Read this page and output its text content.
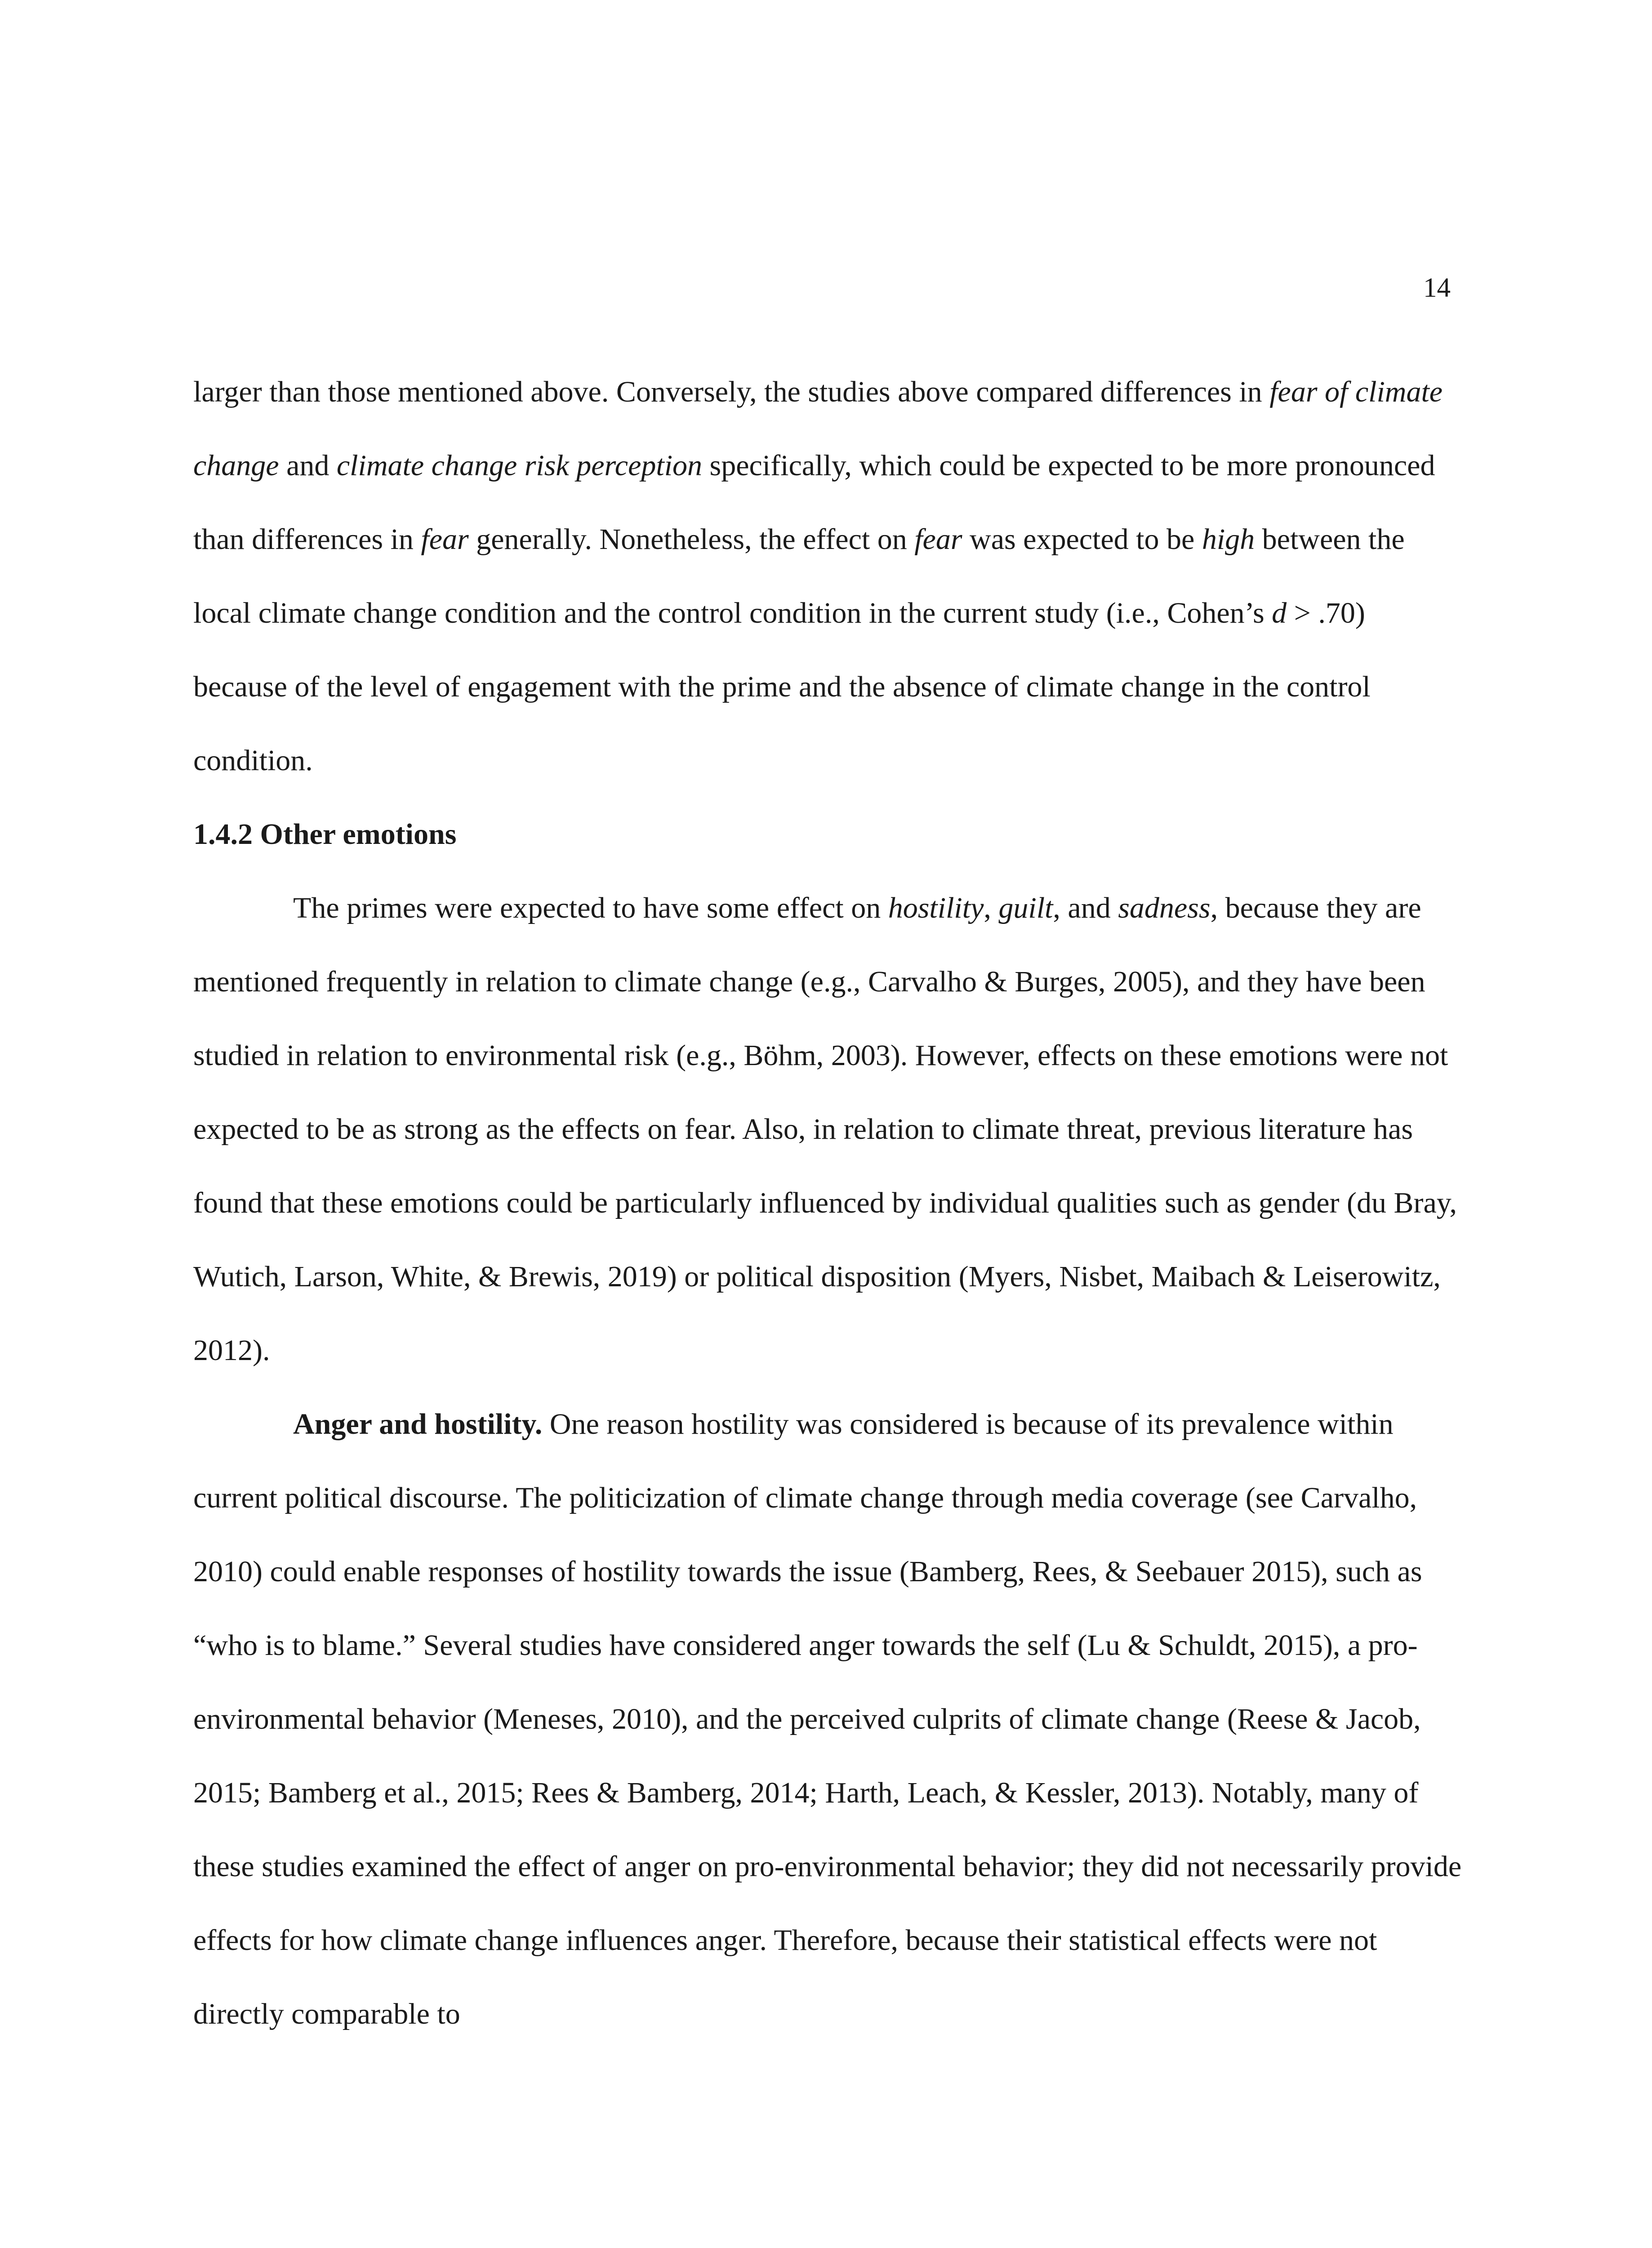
14

larger than those mentioned above. Conversely, the studies above compared differences in fear of climate change and climate change risk perception specifically, which could be expected to be more pronounced than differences in fear generally. Nonetheless, the effect on fear was expected to be high between the local climate change condition and the control condition in the current study (i.e., Cohen’s d > .70) because of the level of engagement with the prime and the absence of climate change in the control condition.

1.4.2 Other emotions

The primes were expected to have some effect on hostility, guilt, and sadness, because they are mentioned frequently in relation to climate change (e.g., Carvalho & Burges, 2005), and they have been studied in relation to environmental risk (e.g., Böhm, 2003). However, effects on these emotions were not expected to be as strong as the effects on fear. Also, in relation to climate threat, previous literature has found that these emotions could be particularly influenced by individual qualities such as gender (du Bray, Wutich, Larson, White, & Brewis, 2019) or political disposition (Myers, Nisbet, Maibach & Leiserowitz, 2012).

Anger and hostility. One reason hostility was considered is because of its prevalence within current political discourse. The politicization of climate change through media coverage (see Carvalho, 2010) could enable responses of hostility towards the issue (Bamberg, Rees, & Seebauer 2015), such as “who is to blame.” Several studies have considered anger towards the self (Lu & Schuldt, 2015), a pro-environmental behavior (Meneses, 2010), and the perceived culprits of climate change (Reese & Jacob, 2015; Bamberg et al., 2015; Rees & Bamberg, 2014; Harth, Leach, & Kessler, 2013). Notably, many of these studies examined the effect of anger on pro-environmental behavior; they did not necessarily provide effects for how climate change influences anger. Therefore, because their statistical effects were not directly comparable to
